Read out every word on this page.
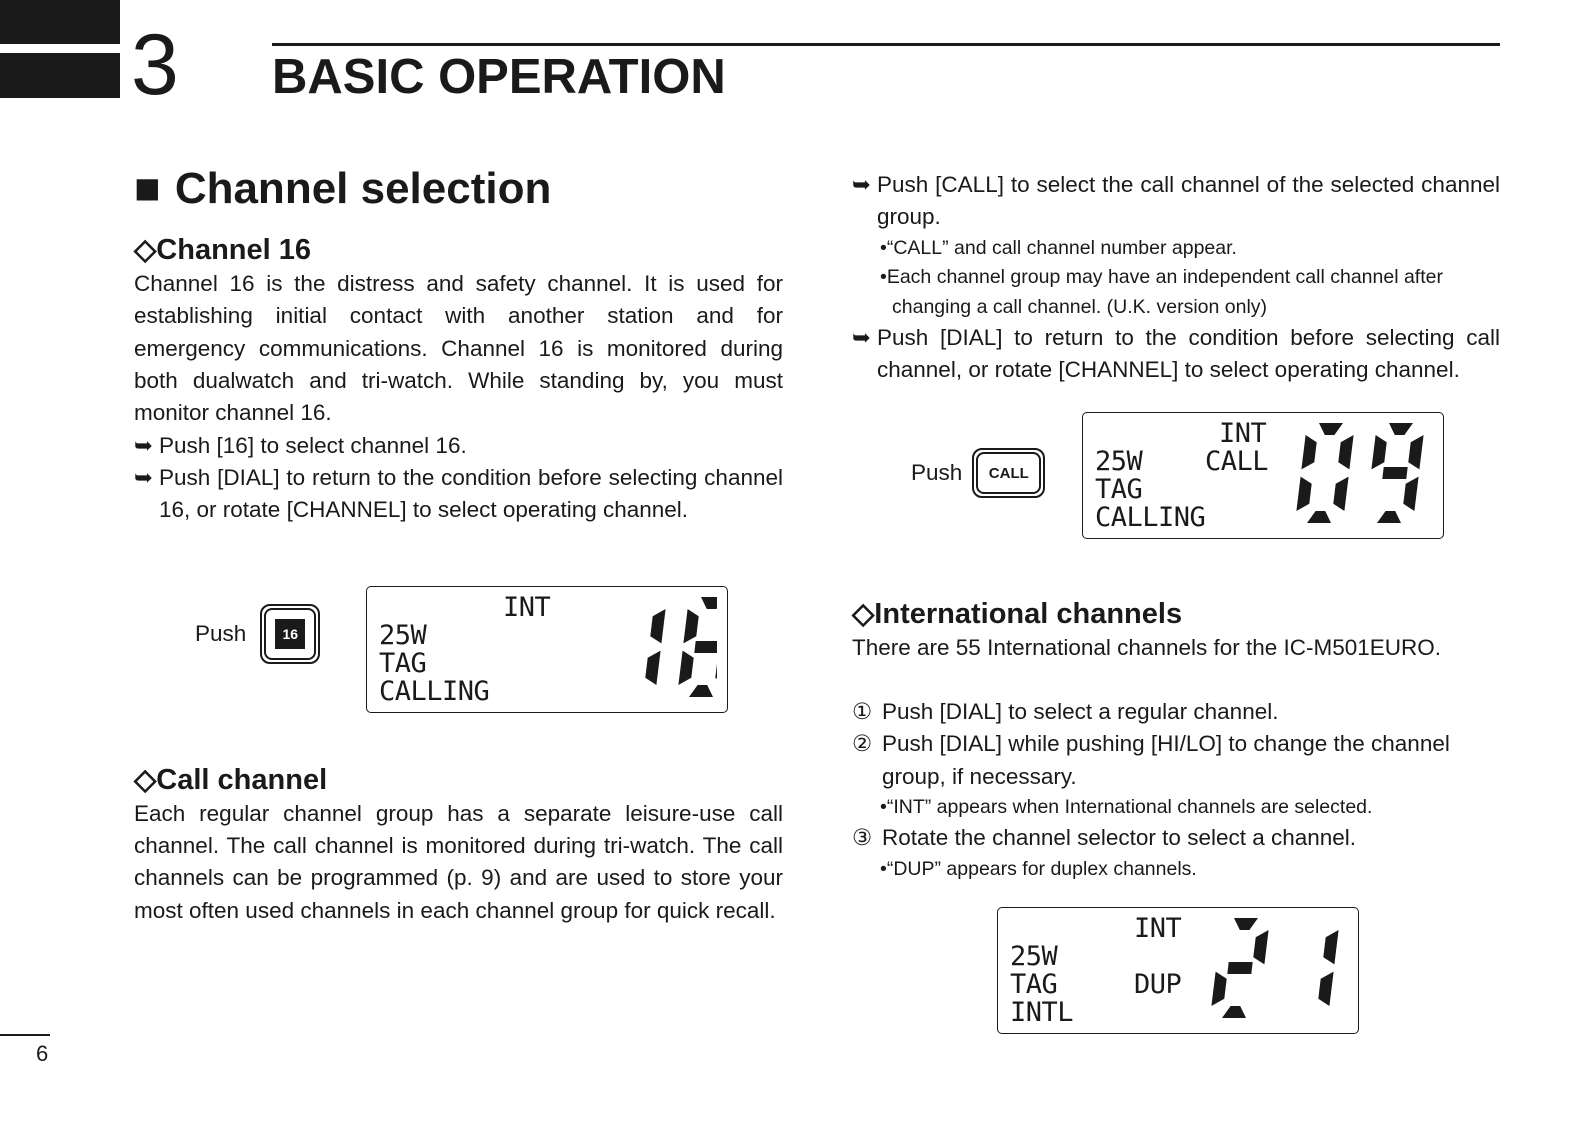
3 BASIC OPERATION
■ Channel selection
◇Channel 16
Channel 16 is the distress and safety channel. It is used for establishing initial contact with another station and for emergency communications. Channel 16 is monitored during both dualwatch and tri-watch. While standing by, you must monitor channel 16.
➥ Push [16] to select channel 16.
➥ Push [DIAL] to return to the condition before selecting channel 16, or rotate [CHANNEL] to select operating channel.
Push	16
INT
25W
TAG
CALLING
◇Call channel
Each regular channel group has a separate leisure-use call channel. The call channel is monitored during tri-watch. The call channels can be programmed (p. 9) and are used to store your most often used channels in each channel group for quick recall.
➥ Push [CALL] to select the call channel of the selected channel group.
•“CALL” and call channel number appear.
•Each channel group may have an independent call channel after changing a call channel. (U.K. version only)
➥ Push [DIAL] to return to the condition before selecting call channel, or rotate [CHANNEL] to select operating channel.
Push	CALL
INT
25W CALL
TAG
CALLING
◇International channels
There are 55 International channels for the IC-M501EURO.
① Push [DIAL] to select a regular channel.
② Push [DIAL] while pushing [HI/LO] to change the channel group, if necessary.
•“INT” appears when International channels are selected.
③ Rotate the channel selector to select a channel.
•“DUP” appears for duplex channels.
INT
25W
TAG	DUP
INTL
6
